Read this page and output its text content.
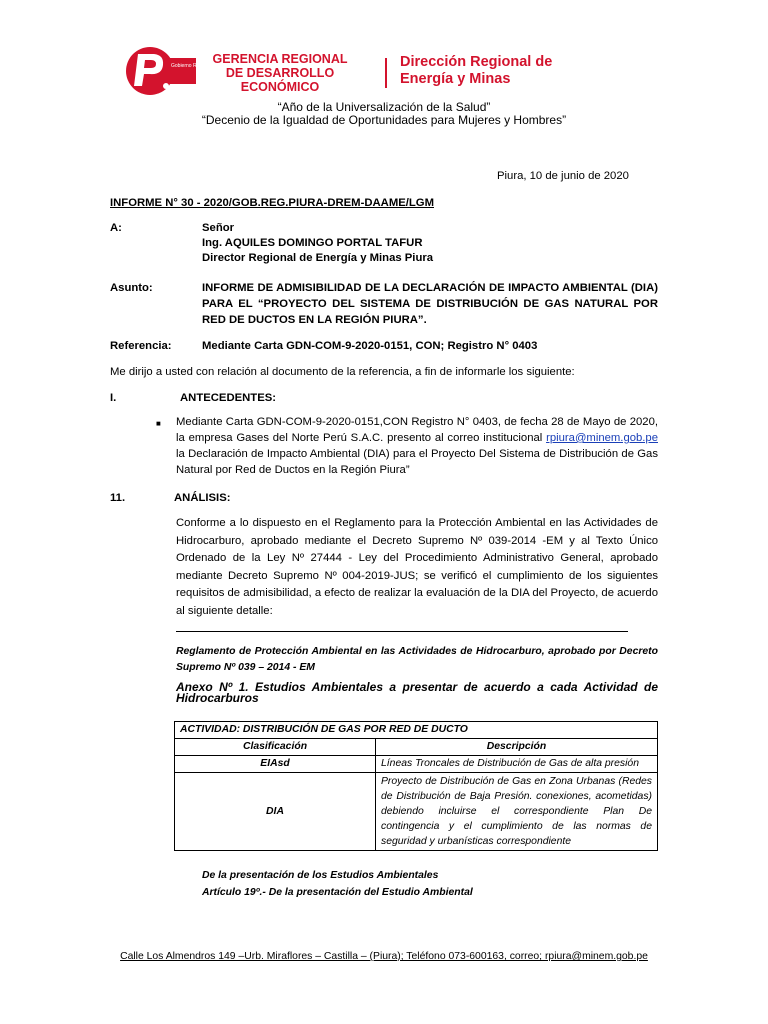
Gobierno Regional Piura
GERENCIA REGIONAL
DE DESARROLLO
ECONÓMICO
Dirección Regional de
Energía y Minas
“Año de la Universalización de la Salud”
“Decenio de la Igualdad de Oportunidades para Mujeres y Hombres”
Piura, 10 de junio de 2020
INFORME N° 30 - 2020/GOB.REG.PIURA-DREM-DAAME/LGM
A:	Señor
Ing. AQUILES DOMINGO PORTAL TAFUR
Director Regional de Energía y Minas Piura
Asunto:	INFORME DE ADMISIBILIDAD DE LA DECLARACIÓN DE IMPACTO AMBIENTAL (DIA) PARA EL “PROYECTO DEL SISTEMA DE DISTRIBUCIÓN DE GAS NATURAL POR RED DE DUCTOS EN LA REGIÓN PIURA”.
Referencia:	Mediante Carta GDN-COM-9-2020-0151, CON; Registro N° 0403
Me dirijo a usted con relación al documento de la referencia, a fin de informarle los siguiente:
I.	ANTECEDENTES:
■ Mediante Carta GDN-COM-9-2020-0151,CON Registro N° 0403, de fecha 28 de Mayo de 2020, la empresa Gases del Norte Perú S.A.C. presento al correo institucional rpiura@minem.gob.pe la Declaración de Impacto Ambiental (DIA) para el Proyecto Del Sistema de Distribución de Gas Natural por Red de Ductos en la Región Piura”
11.	ANÁLISIS:
Conforme a lo dispuesto en el Reglamento para la Protección Ambiental en las Actividades de Hidrocarburo, aprobado mediante el Decreto Supremo Nº 039-2014 -EM y al Texto Único Ordenado de la Ley Nº 27444 - Ley del Procedimiento Administrativo General, aprobado mediante Decreto Supremo Nº 004-2019-JUS; se verificó el cumplimiento de los siguientes requisitos de admisibilidad, a efecto de realizar la evaluación de la DIA del Proyecto, de acuerdo al siguiente detalle:
Reglamento de Protección Ambiental en las Actividades de Hidrocarburo, aprobado por Decreto Supremo Nº 039 – 2014 - EM
Anexo Nº 1. Estudios Ambientales a presentar de acuerdo a cada Actividad de Hidrocarburos
ACTIVIDAD: DISTRIBUCIÓN DE GAS POR RED DE DUCTO	
Clasificación	Descripción
EIAsd	Líneas Troncales de Distribución de Gas de alta presión
DIA	Proyecto de Distribución de Gas en Zona Urbanas (Redes de Distribución de Baja Presión. conexiones, acometidas) debiendo incluirse el correspondiente Plan De contingencia y el cumplimiento de las normas de seguridad y urbanísticas correspondiente
De la presentación de los Estudios Ambientales
Artículo 19º.- De la presentación del Estudio Ambiental
Calle Los Almendros 149 –Urb. Miraflores – Castilla – (Piura); Teléfono 073-600163, correo; rpiura@minem.gob.pe
